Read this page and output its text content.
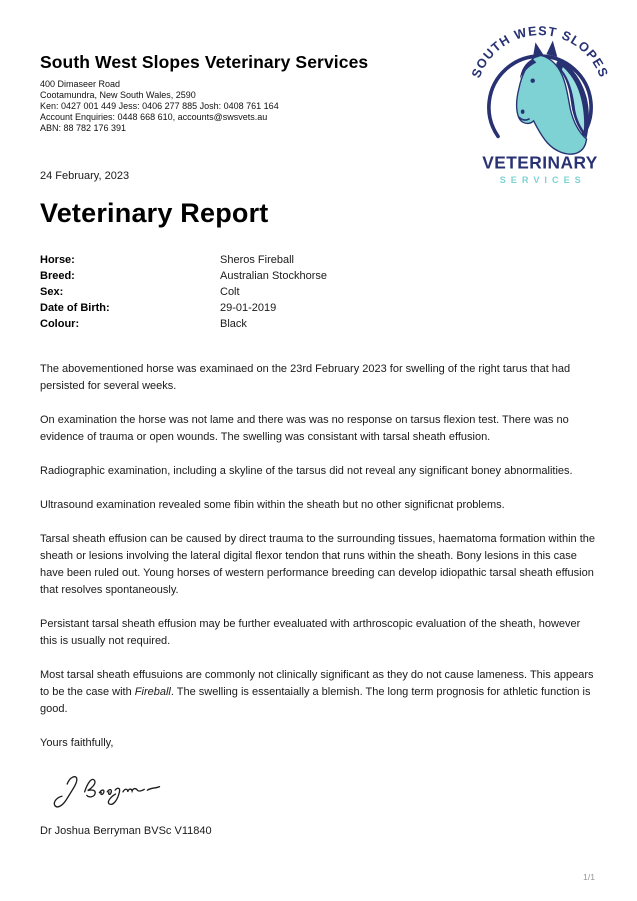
South West Slopes Veterinary Services
400 Dimaseer Road
Cootamundra, New South Wales, 2590
Ken: 0427 001 449 Jess: 0406 277 885 Josh: 0408 761 164
Account Enquiries: 0448 668 610, accounts@swsvets.au
ABN: 88 782 176 391
SOUTH WEST SLOPES
VETERINARY
SERVICES
24 February, 2023
Veterinary Report
Horse:	Sheros Fireball
Breed:	Australian Stockhorse
Sex:	Colt
Date of Birth:	29-01-2019
Colour:	Black

The abovementioned horse was examinaed on the 23rd February 2023 for swelling of the right tarus that had persisted for several weeks.

On examination the horse was not lame and there was was no response on tarsus flexion test. There was no evidence of trauma or open wounds. The swelling was consistant with tarsal sheath effusion.

Radiographic examination, including a skyline of the tarsus did not reveal any significant boney abnormalities.

Ultrasound examination revealed some fibin within the sheath but no other significnat problems.

Tarsal sheath effusion can be caused by direct trauma to the surrounding tissues, haematoma formation within the sheath or lesions involving the lateral digital flexor tendon that runs within the sheath. Bony lesions in this case have been ruled out. Young horses of western performance breeding can develop idiopathic tarsal sheath effusion that resolves spontaneously.

Persistant tarsal sheath effusion may be further evealuated with arthroscopic evaluation of the sheath, however this is usually not required.

Most tarsal sheath effusuions are commonly not clinically significant as they do not cause lameness. This appears to be the case with Fireball. The swelling is essentaially a blemish. The long term prognosis for athletic function is good.

Yours faithfully,

Dr Joshua Berryman BVSc V11840
1/1
